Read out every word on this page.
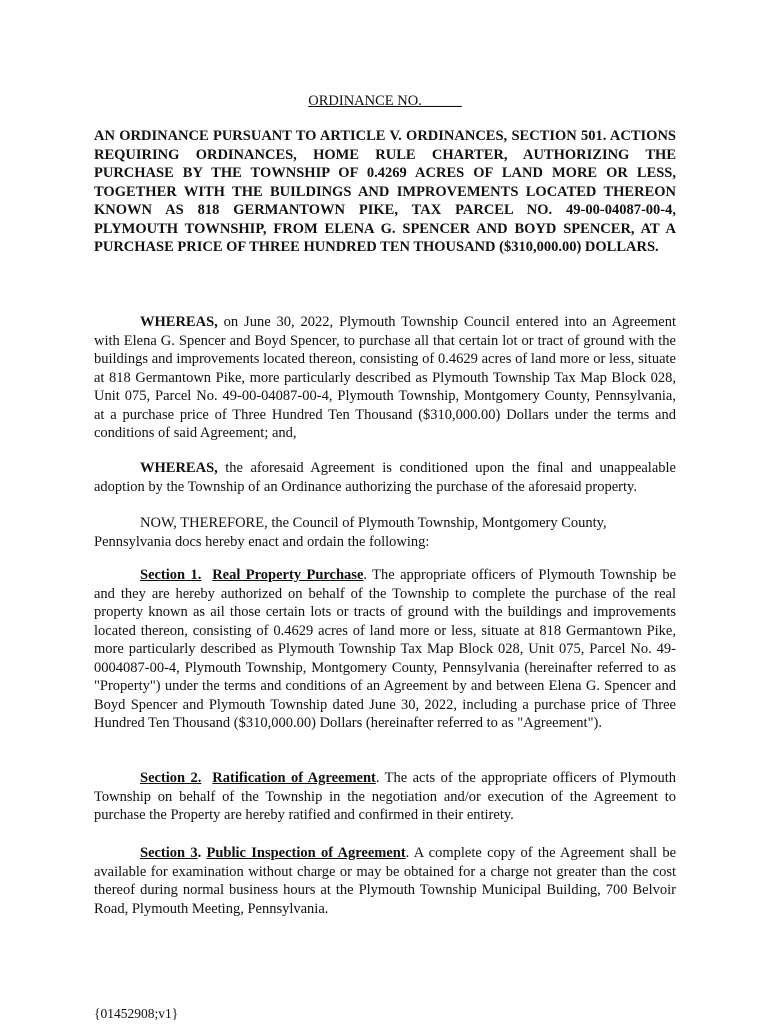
ORDINANCE NO. _____
AN ORDINANCE PURSUANT TO ARTICLE V. ORDINANCES, SECTION 501. ACTIONS REQUIRING ORDINANCES, HOME RULE CHARTER, AUTHORIZING THE PURCHASE BY THE TOWNSHIP OF 0.4269 ACRES OF LAND MORE OR LESS, TOGETHER WITH THE BUILDINGS AND IMPROVEMENTS LOCATED THEREON KNOWN AS 818 GERMANTOWN PIKE, TAX PARCEL NO. 49-00-04087-00-4, PLYMOUTH TOWNSHIP, FROM ELENA G. SPENCER AND BOYD SPENCER, AT A PURCHASE PRICE OF THREE HUNDRED TEN THOUSAND ($310,000.00) DOLLARS.
WHEREAS, on June 30, 2022, Plymouth Township Council entered into an Agreement with Elena G. Spencer and Boyd Spencer, to purchase all that certain lot or tract of ground with the buildings and improvements located thereon, consisting of 0.4629 acres of land more or less, situate at 818 Germantown Pike, more particularly described as Plymouth Township Tax Map Block 028, Unit 075, Parcel No. 49-00-04087-00-4, Plymouth Township, Montgomery County, Pennsylvania, at a purchase price of Three Hundred Ten Thousand ($310,000.00) Dollars under the terms and conditions of said Agreement; and,
WHEREAS, the aforesaid Agreement is conditioned upon the final and unappealable adoption by the Township of an Ordinance authorizing the purchase of the aforesaid property.
NOW, THEREFORE, the Council of Plymouth Township, Montgomery County, Pennsylvania docs hereby enact and ordain the following:
Section 1. Real Property Purchase. The appropriate officers of Plymouth Township be and they are hereby authorized on behalf of the Township to complete the purchase of the real property known as ail those certain lots or tracts of ground with the buildings and improvements located thereon, consisting of 0.4629 acres of land more or less, situate at 818 Germantown Pike, more particularly described as Plymouth Township Tax Map Block 028, Unit 075, Parcel No. 49-0004087-00-4, Plymouth Township, Montgomery County, Pennsylvania (hereinafter referred to as "Property") under the terms and conditions of an Agreement by and between Elena G. Spencer and Boyd Spencer and Plymouth Township dated June 30, 2022, including a purchase price of Three Hundred Ten Thousand ($310,000.00) Dollars (hereinafter referred to as "Agreement").
Section 2. Ratification of Agreement. The acts of the appropriate officers of Plymouth Township on behalf of the Township in the negotiation and/or execution of the Agreement to purchase the Property are hereby ratified and confirmed in their entirety.
Section 3. Public Inspection of Agreement. A complete copy of the Agreement shall be available for examination without charge or may be obtained for a charge not greater than the cost thereof during normal business hours at the Plymouth Township Municipal Building, 700 Belvoir Road, Plymouth Meeting, Pennsylvania.
{01452908;v1}
